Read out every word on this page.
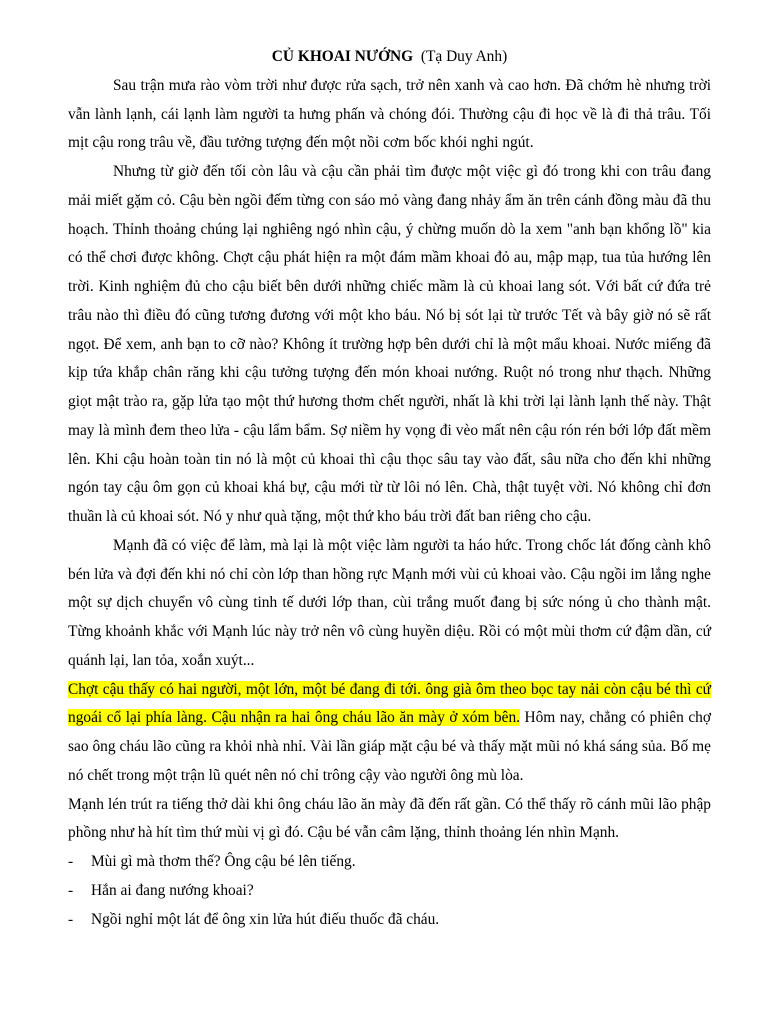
CỦ KHOAI NƯỚNG (Tạ Duy Anh)

Sau trận mưa rào vòm trời như được rửa sạch, trở nên xanh và cao hơn. Đã chớm hè nhưng trời vẫn lành lạnh, cái lạnh làm người ta hưng phấn và chóng đói. Thường cậu đi học về là đi thả trâu. Tối mịt cậu rong trâu về, đầu tưởng tượng đến một nồi cơm bốc khói nghi ngút.

Nhưng từ giờ đến tối còn lâu và cậu cần phải tìm được một việc gì đó trong khi con trâu đang mải miết gặm cỏ. Cậu bèn ngồi đếm từng con sáo mỏ vàng đang nhảy ẩm ăn trên cánh đồng màu đã thu hoạch. Thỉnh thoảng chúng lại nghiêng ngó nhìn cậu, ý chừng muốn dò la xem "anh bạn khổng lồ" kia có thể chơi được không. Chợt cậu phát hiện ra một đám mầm khoai đỏ au, mập mạp, tua tủa hướng lên trời. Kinh nghiệm đủ cho cậu biết bên dưới những chiếc mầm là củ khoai lang sót. Với bất cứ đứa trẻ trâu nào thì điều đó cũng tương đương với một kho báu. Nó bị sót lại từ trước Tết và bây giờ nó sẽ rất ngọt. Để xem, anh bạn to cỡ nào? Không ít trường hợp bên dưới chỉ là một mẩu khoai. Nước miếng đã kịp tứa khắp chân răng khi cậu tưởng tượng đến món khoai nướng. Ruột nó trong như thạch. Những giọt mật trào ra, gặp lửa tạo một thứ hương thơm chết người, nhất là khi trời lại lành lạnh thế này. Thật may là mình đem theo lửa - cậu lẩm bẩm. Sợ niềm hy vọng đi vèo mất nên cậu rón rén bới lớp đất mềm lên. Khi cậu hoàn toàn tin nó là một củ khoai thì cậu thọc sâu tay vào đất, sâu nữa cho đến khi những ngón tay cậu ôm gọn củ khoai khá bự, cậu mới từ từ lôi nó lên. Chà, thật tuyệt vời. Nó không chỉ đơn thuần là củ khoai sót. Nó y như quà tặng, một thứ kho báu trời đất ban riêng cho cậu.

Mạnh đã có việc để làm, mà lại là một việc làm người ta háo hức. Trong chốc lát đống cành khô bén lửa và đợi đến khi nó chỉ còn lớp than hồng rực Mạnh mới vùi củ khoai vào. Cậu ngồi im lắng nghe một sự dịch chuyển vô cùng tinh tế dưới lớp than, cùi trắng muốt đang bị sức nóng ủ cho thành mật. Từng khoảnh khắc với Mạnh lúc này trở nên vô cùng huyền diệu. Rồi có một mùi thơm cứ đậm dần, cứ quánh lại, lan tỏa, xoắn xuýt...

Chợt cậu thấy có hai người, một lớn, một bé đang đi tới. ông già ôm theo bọc tay nải còn cậu bé thì cứ ngoái cổ lại phía làng. Cậu nhận ra hai ông cháu lão ăn mày ở xóm bên. Hôm nay, chẳng có phiên chợ sao ông cháu lão cũng ra khỏi nhà nhỉ. Vài lần giáp mặt cậu bé và thấy mặt mũi nó khá sáng sủa. Bố mẹ nó chết trong một trận lũ quét nên nó chỉ trông cậy vào người ông mù lòa.

Mạnh lén trút ra tiếng thở dài khi ông cháu lão ăn mày đã đến rất gần. Có thể thấy rõ cánh mũi lão phập phồng như hà hít tìm thứ mùi vị gì đó. Cậu bé vẫn câm lặng, thỉnh thoảng lén nhìn Mạnh.

-	Mùi gì mà thơm thế? Ông cậu bé lên tiếng.
-	Hắn ai đang nướng khoai?
-	Ngồi nghỉ một lát để ông xin lửa hút điếu thuốc đã cháu.
